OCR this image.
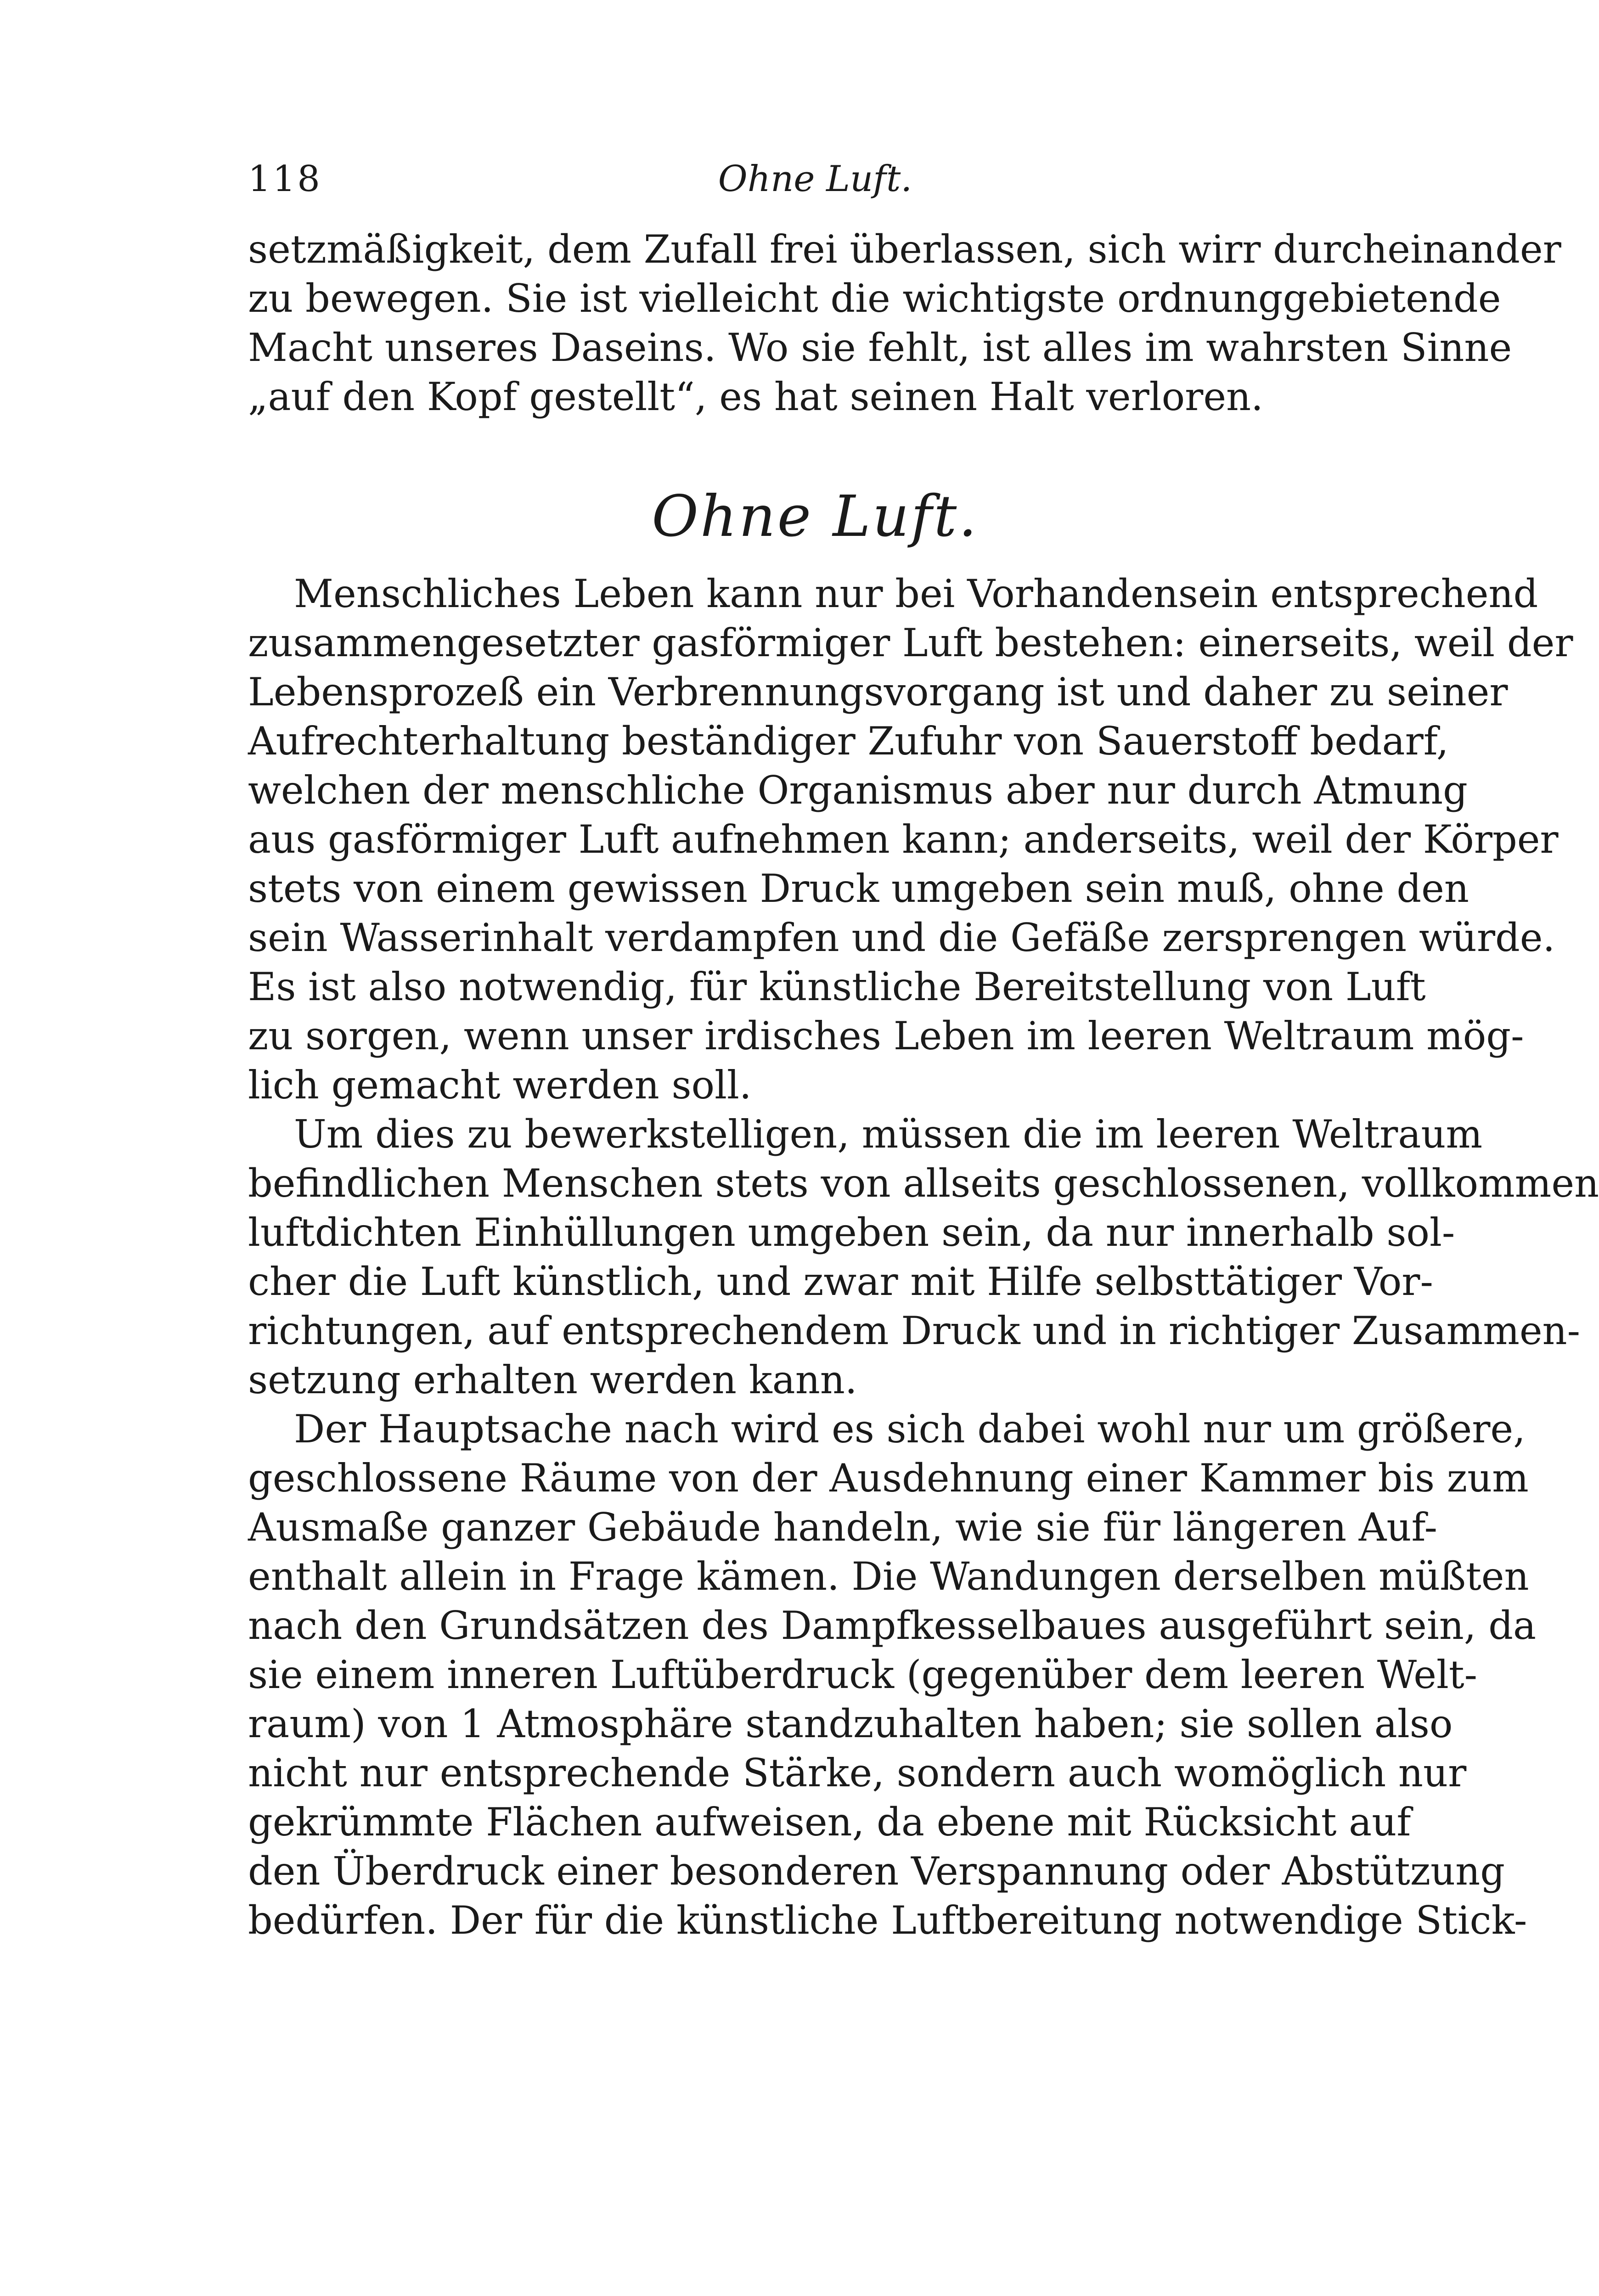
118	Ohne Luft.
setzmäßigkeit, dem Zufall frei überlassen, sich wirr durcheinander
zu bewegen. Sie ist vielleicht die wichtigste ordnunggebietende
Macht unseres Daseins. Wo sie fehlt, ist alles im wahrsten Sinne
„auf den Kopf gestellt“, es hat seinen Halt verloren.
Ohne Luft.
Menschliches Leben kann nur bei Vorhandensein entsprechend
zusammengesetzter gasförmiger Luft bestehen: einerseits, weil der
Lebensprozeß ein Verbrennungsvorgang ist und daher zu seiner
Aufrechterhaltung beständiger Zufuhr von Sauerstoff bedarf,
welchen der menschliche Organismus aber nur durch Atmung
aus gasförmiger Luft aufnehmen kann; anderseits, weil der Körper
stets von einem gewissen Druck umgeben sein muß, ohne den
sein Wasserinhalt verdampfen und die Gefäße zersprengen würde.
Es ist also notwendig, für künstliche Bereitstellung von Luft
zu sorgen, wenn unser irdisches Leben im leeren Weltraum mög-
lich gemacht werden soll.
Um dies zu bewerkstelligen, müssen die im leeren Weltraum
befindlichen Menschen stets von allseits geschlossenen, vollkommen
luftdichten Einhüllungen umgeben sein, da nur innerhalb sol-
cher die Luft künstlich, und zwar mit Hilfe selbsttätiger Vor-
richtungen, auf entsprechendem Druck und in richtiger Zusammen-
setzung erhalten werden kann.
Der Hauptsache nach wird es sich dabei wohl nur um größere,
geschlossene Räume von der Ausdehnung einer Kammer bis zum
Ausmaße ganzer Gebäude handeln, wie sie für längeren Auf-
enthalt allein in Frage kämen. Die Wandungen derselben müßten
nach den Grundsätzen des Dampfkesselbaues ausgeführt sein, da
sie einem inneren Luftüberdruck (gegenüber dem leeren Welt-
raum) von 1 Atmosphäre standzuhalten haben; sie sollen also
nicht nur entsprechende Stärke, sondern auch womöglich nur
gekrümmte Flächen aufweisen, da ebene mit Rücksicht auf
den Überdruck einer besonderen Verspannung oder Abstützung
bedürfen. Der für die künstliche Luftbereitung notwendige Stick-
